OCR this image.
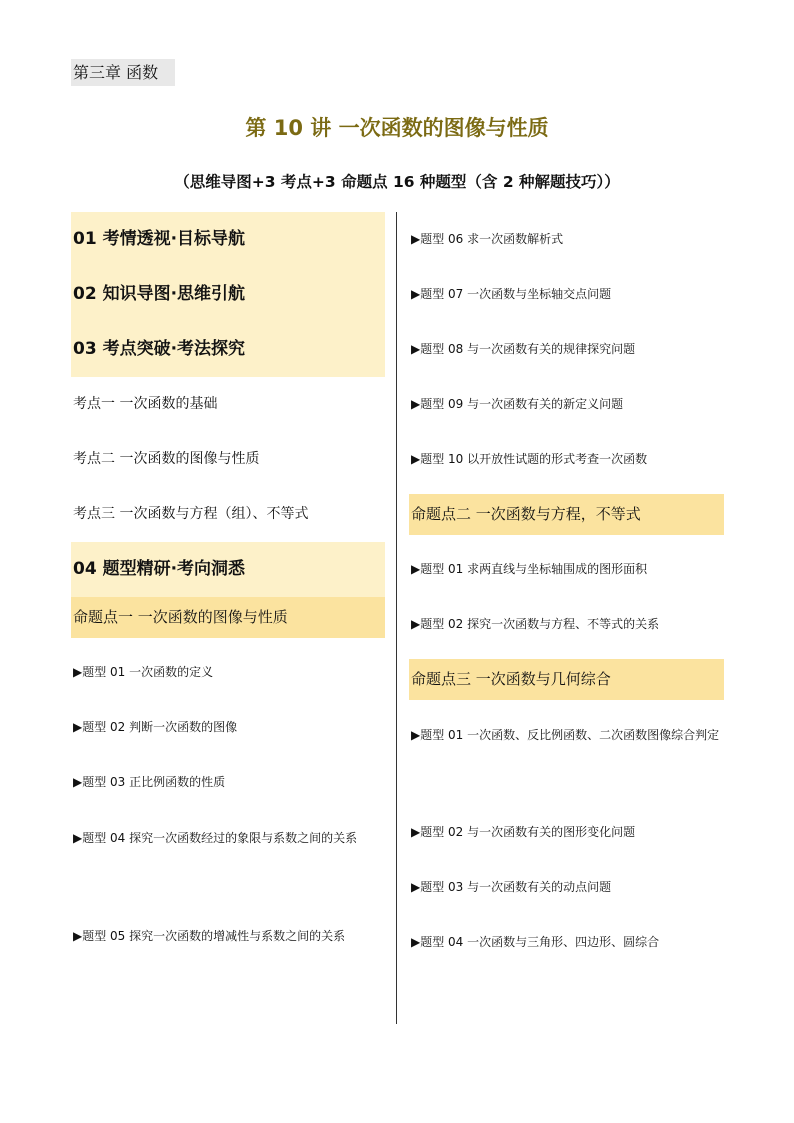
第三章 函数
第 10 讲 一次函数的图像与性质
（思维导图+3 考点+3 命题点 16 种题型（含 2 种解题技巧））
01 考情透视·目标导航
02 知识导图·思维引航
03 考点突破·考法探究
考点一 一次函数的基础
考点二 一次函数的图像与性质
考点三 一次函数与方程（组）、不等式
04 题型精研·考向洞悉
命题点一 一次函数的图像与性质
▶题型 01 一次函数的定义
▶题型 02 判断一次函数的图像
▶题型 03 正比例函数的性质
▶题型 04 探究一次函数经过的象限与系数之间的关系
▶题型 05 探究一次函数的增减性与系数之间的关系
▶题型 06 求一次函数解析式
▶题型 07 一次函数与坐标轴交点问题
▶题型 08 与一次函数有关的规律探究问题
▶题型 09 与一次函数有关的新定义问题
▶题型 10 以开放性试题的形式考查一次函数
命题点二 一次函数与方程，不等式
▶题型 01 求两直线与坐标轴围成的图形面积
▶题型 02 探究一次函数与方程、不等式的关系
命题点三 一次函数与几何综合
▶题型 01 一次函数、反比例函数、二次函数图像综合判定
▶题型 02 与一次函数有关的图形变化问题
▶题型 03 与一次函数有关的动点问题
▶题型 04 一次函数与三角形、四边形、圆综合
